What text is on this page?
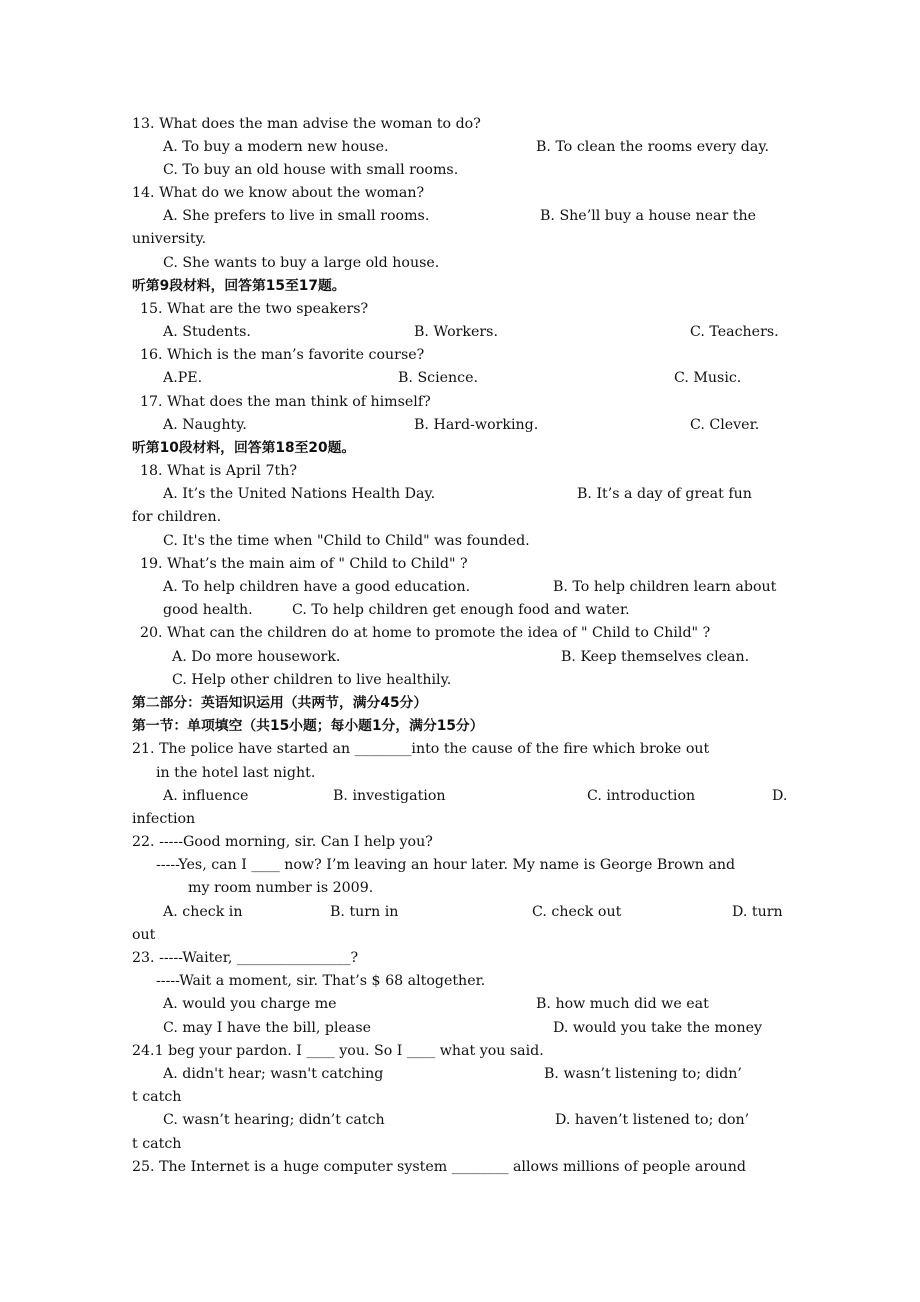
13. What does the man advise the woman to do?
A. To buy a modern new house.	B. To clean the rooms every day.
C. To buy an old house with small rooms.
14. What do we know about the woman?
A. She prefers to live in small rooms.	B. She’ll buy a house near the
university.
C. She wants to buy a large old house.
听第9段材料，回答第15至17题。
15. What are the two speakers?
A. Students.	B. Workers.	C. Teachers.
16. Which is the man’s favorite course?
A.PE.	B. Science.	C. Music.
17. What does the man think of himself?
A. Naughty.	B. Hard-working.	C. Clever.
听第10段材料，回答第18至20题。
18. What is April 7th?
A. It’s the United Nations Health Day.	B. It’s a day of great fun
for children.
C. It's the time when "Child to Child" was founded.
19. What’s the main aim of " Child to Child" ?
A. To help children have a good education.	B. To help children learn about
good health.	C. To help children get enough food and water.
20. What can the children do at home to promote the idea of " Child to Child" ?
A. Do more housework.	B. Keep themselves clean.
C. Help other children to live healthily.
第二部分：英语知识运用（共两节，满分45分）
第一节：单项填空（共15小题；每小题1分，满分15分）
21. The police have started an ________into the cause of the fire which broke out
in the hotel last night.
A. influence	B. investigation	C. introduction	D.
infection
22. -----Good morning, sir. Can I help you?
-----Yes, can I ____ now? I’m leaving an hour later. My name is George Brown and
my room number is 2009.
A. check in	B. turn in	C. check out	D. turn
out
23. -----Waiter, ________________?
-----Wait a moment, sir. That’s $ 68 altogether.
A. would you charge me	B. how much did we eat
C. may I have the bill, please	D. would you take the money
24.1 beg your pardon. I ____ you. So I ____ what you said.
A. didn't hear; wasn't catching	B. wasn’t listening to; didn’
t catch
C. wasn’t hearing; didn’t catch	D. haven’t listened to; don’
t catch
25. The Internet is a huge computer system ________ allows millions of people around
